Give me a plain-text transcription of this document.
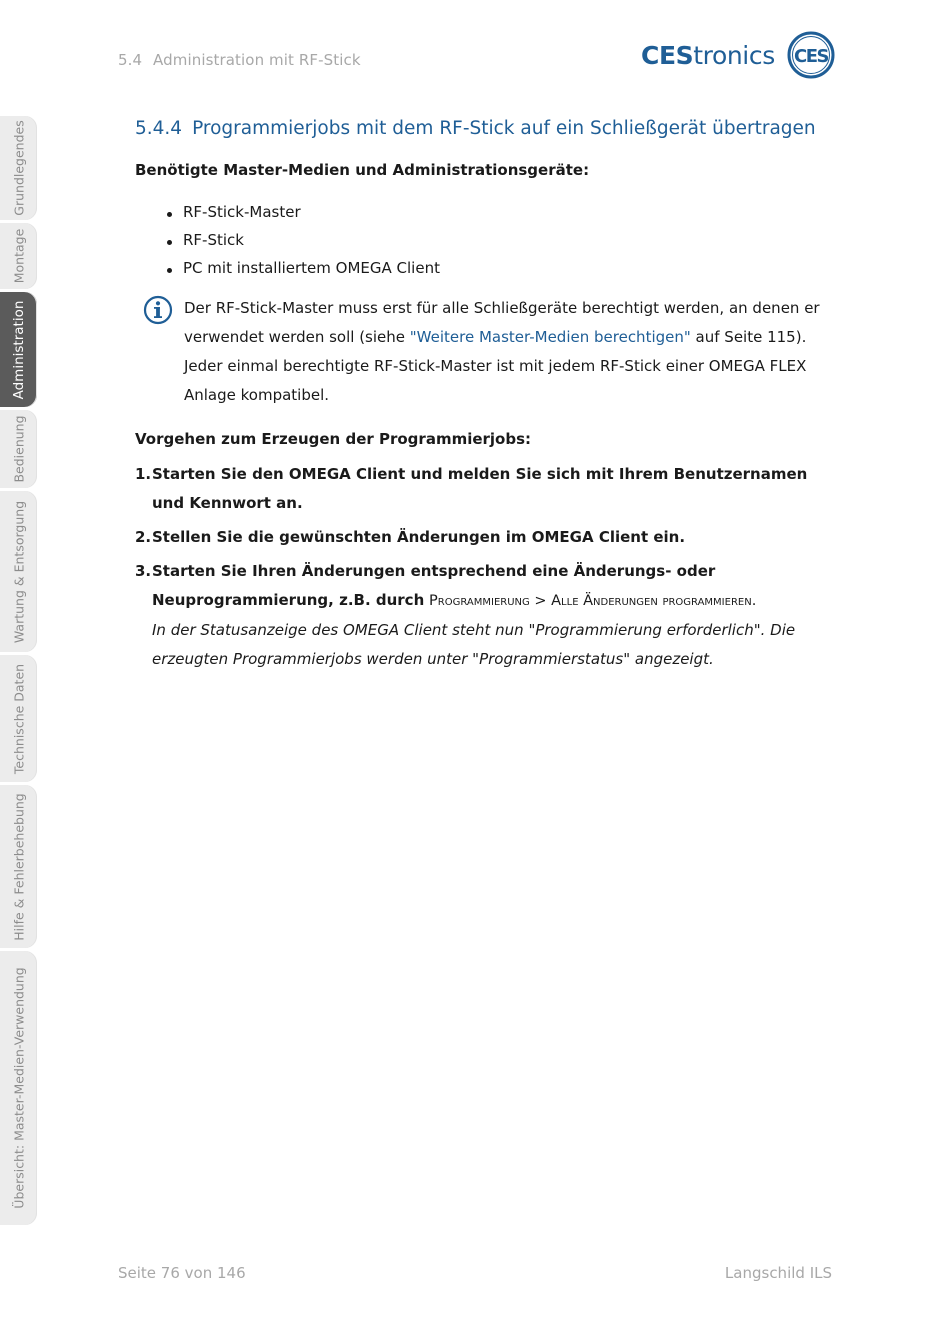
5.4 Administration mit RF-Stick	CEStronics CES
Grundlegendes
Montage
Administration
Bedienung
Wartung & Entsorgung
Technische Daten
Hilfe & Fehlerbehebung
Übersicht: Master-Medien-Verwendung
5.4.4 Programmierjobs mit dem RF-Stick auf ein Schließgerät übertragen

Benötigte Master-Medien und Administrationsgeräte:

RF-Stick-Master
RF-Stick
PC mit installiertem OMEGA Client

Der RF-Stick-Master muss erst für alle Schließgeräte berechtigt werden, an denen er verwendet werden soll (siehe "Weitere Master-Medien berechtigen" auf Seite 115). Jeder einmal berechtigte RF-Stick-Master ist mit jedem RF-Stick einer OMEGA FLEX Anlage kompatibel.

Vorgehen zum Erzeugen der Programmierjobs:

1. Starten Sie den OMEGA Client und melden Sie sich mit Ihrem Benutzernamen und Kennwort an.
2. Stellen Sie die gewünschten Änderungen im OMEGA Client ein.
3. Starten Sie Ihren Änderungen entsprechend eine Änderungs- oder Neuprogrammierung, z.B. durch Programmierung > Alle Änderungen programmieren.
In der Statusanzeige des OMEGA Client steht nun "Programmierung erforderlich". Die erzeugten Programmierjobs werden unter "Programmierstatus" angezeigt.
Seite 76 von 146	Langschild ILS
